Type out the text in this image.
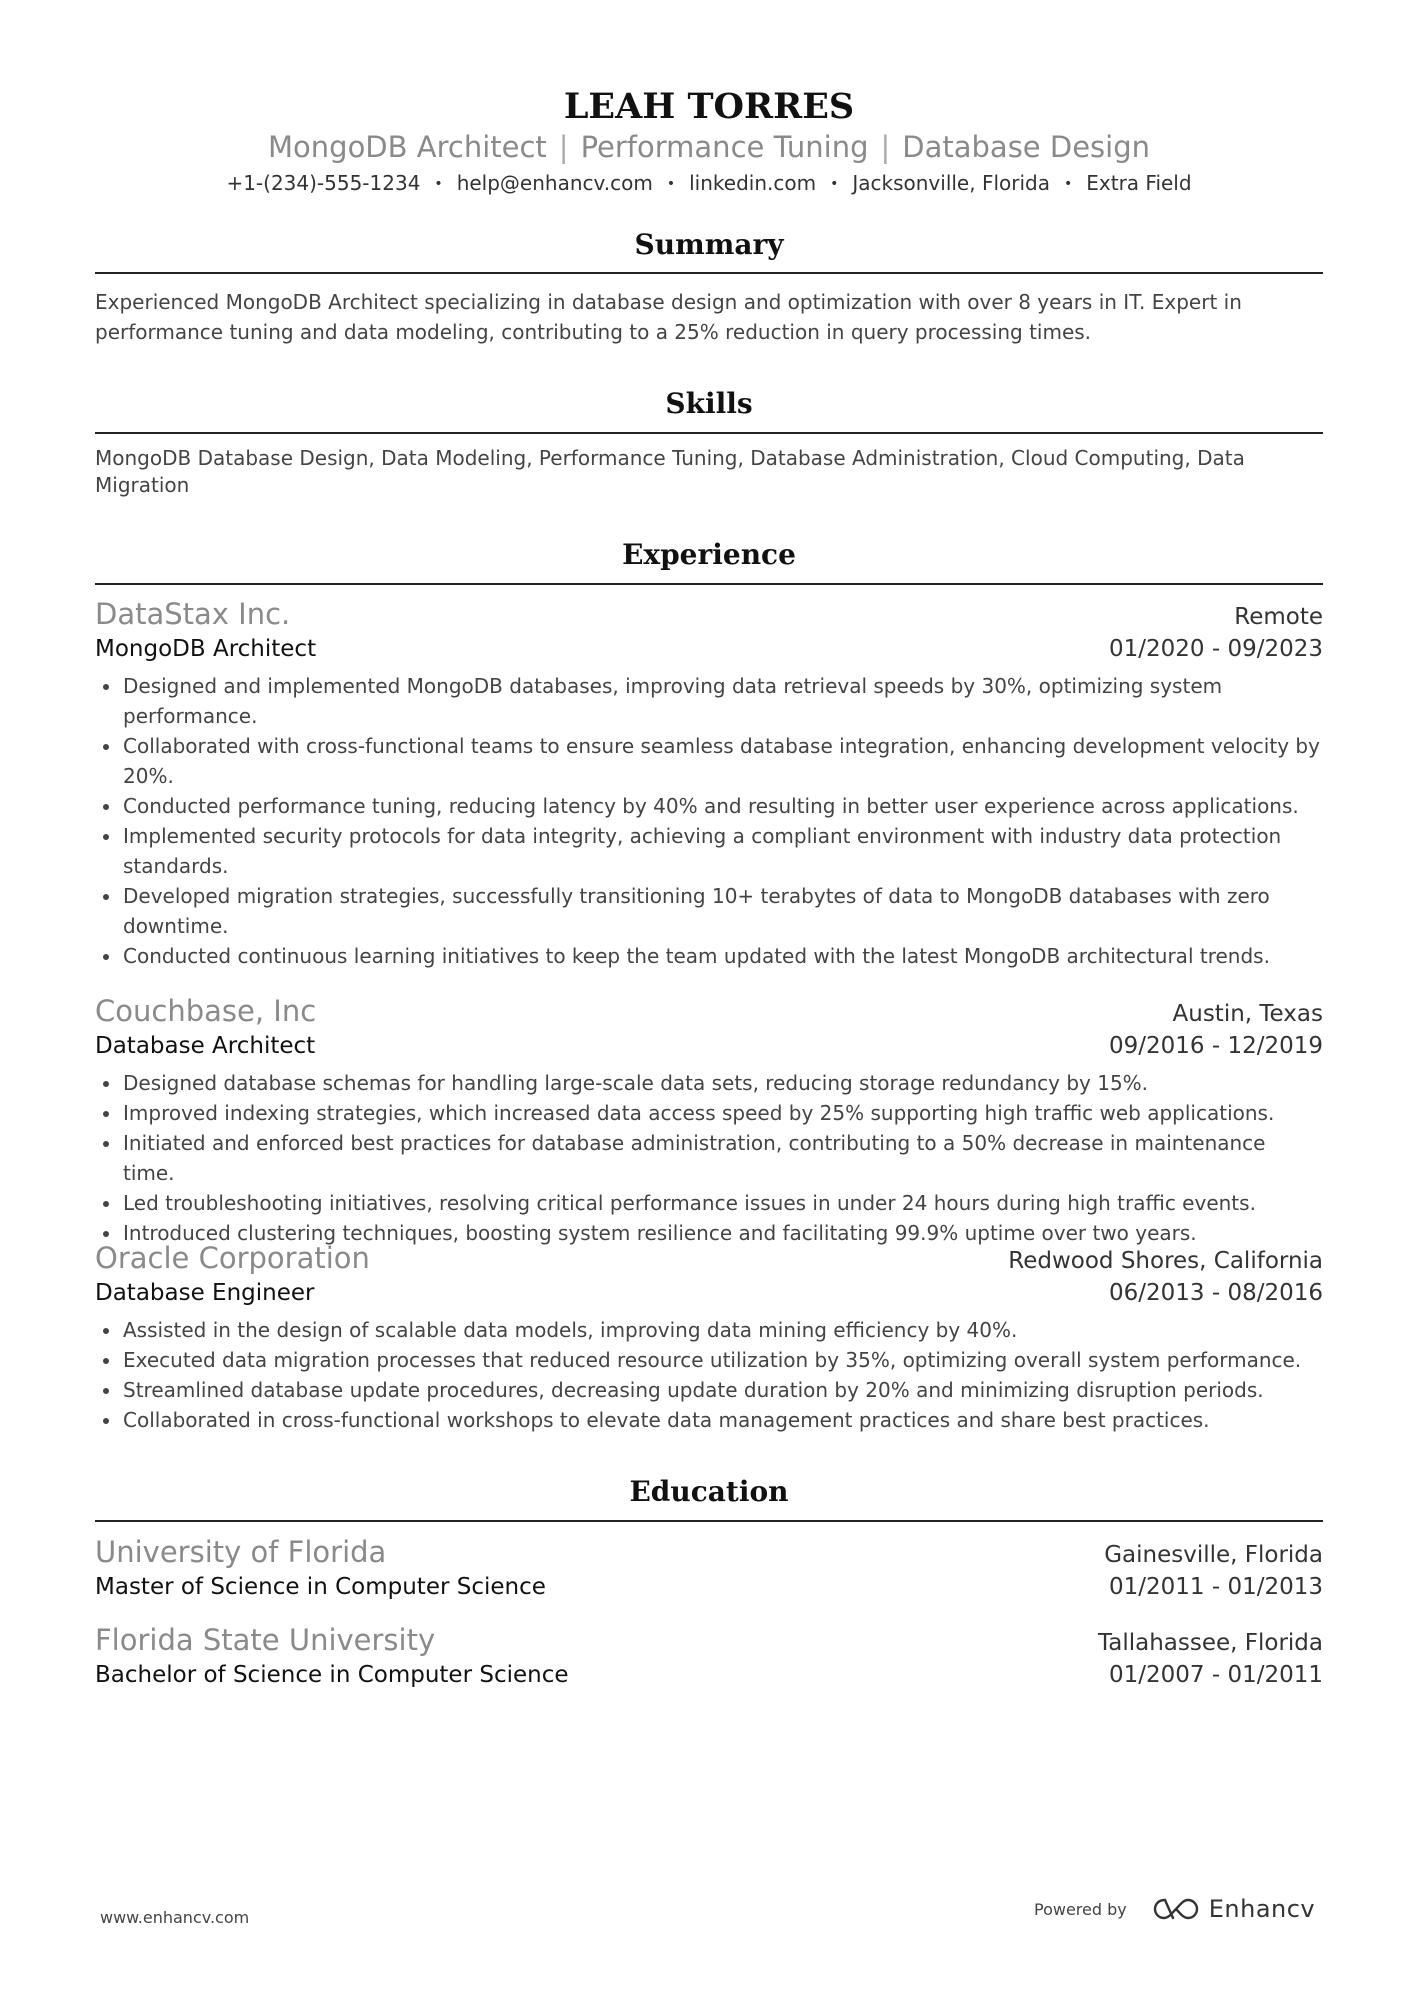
LEAH TORRES
MongoDB Architect | Performance Tuning | Database Design
+1-(234)-555-1234 • help@enhancv.com • linkedin.com • Jacksonville, Florida • Extra Field
Summary

Experienced MongoDB Architect specializing in database design and optimization with over 8 years in IT. Expert in performance tuning and data modeling, contributing to a 25% reduction in query processing times.

Skills

MongoDB Database Design, Data Modeling, Performance Tuning, Database Administration, Cloud Computing, Data Migration

Experience
DataStax Inc.	Remote
MongoDB Architect	01/2020 - 09/2023
Designed and implemented MongoDB databases, improving data retrieval speeds by 30%, optimizing system performance.
Collaborated with cross-functional teams to ensure seamless database integration, enhancing development velocity by 20%.
Conducted performance tuning, reducing latency by 40% and resulting in better user experience across applications.
Implemented security protocols for data integrity, achieving a compliant environment with industry data protection standards.
Developed migration strategies, successfully transitioning 10+ terabytes of data to MongoDB databases with zero downtime.
Conducted continuous learning initiatives to keep the team updated with the latest MongoDB architectural trends.
Couchbase, Inc	Austin, Texas
Database Architect	09/2016 - 12/2019
Designed database schemas for handling large-scale data sets, reducing storage redundancy by 15%.
Improved indexing strategies, which increased data access speed by 25% supporting high traffic web applications.
Initiated and enforced best practices for database administration, contributing to a 50% decrease in maintenance time.
Led troubleshooting initiatives, resolving critical performance issues in under 24 hours during high traffic events.
Introduced clustering techniques, boosting system resilience and facilitating 99.9% uptime over two years.
Oracle Corporation	Redwood Shores, California
Database Engineer	06/2013 - 08/2016
Assisted in the design of scalable data models, improving data mining efficiency by 40%.
Executed data migration processes that reduced resource utilization by 35%, optimizing overall system performance.
Streamlined database update procedures, decreasing update duration by 20% and minimizing disruption periods.
Collaborated in cross-functional workshops to elevate data management practices and share best practices.
Education
University of Florida	Gainesville, Florida
Master of Science in Computer Science	01/2011 - 01/2013
Florida State University	Tallahassee, Florida
Bachelor of Science in Computer Science	01/2007 - 01/2011
www.enhancv.com	Powered by	Enhancv
